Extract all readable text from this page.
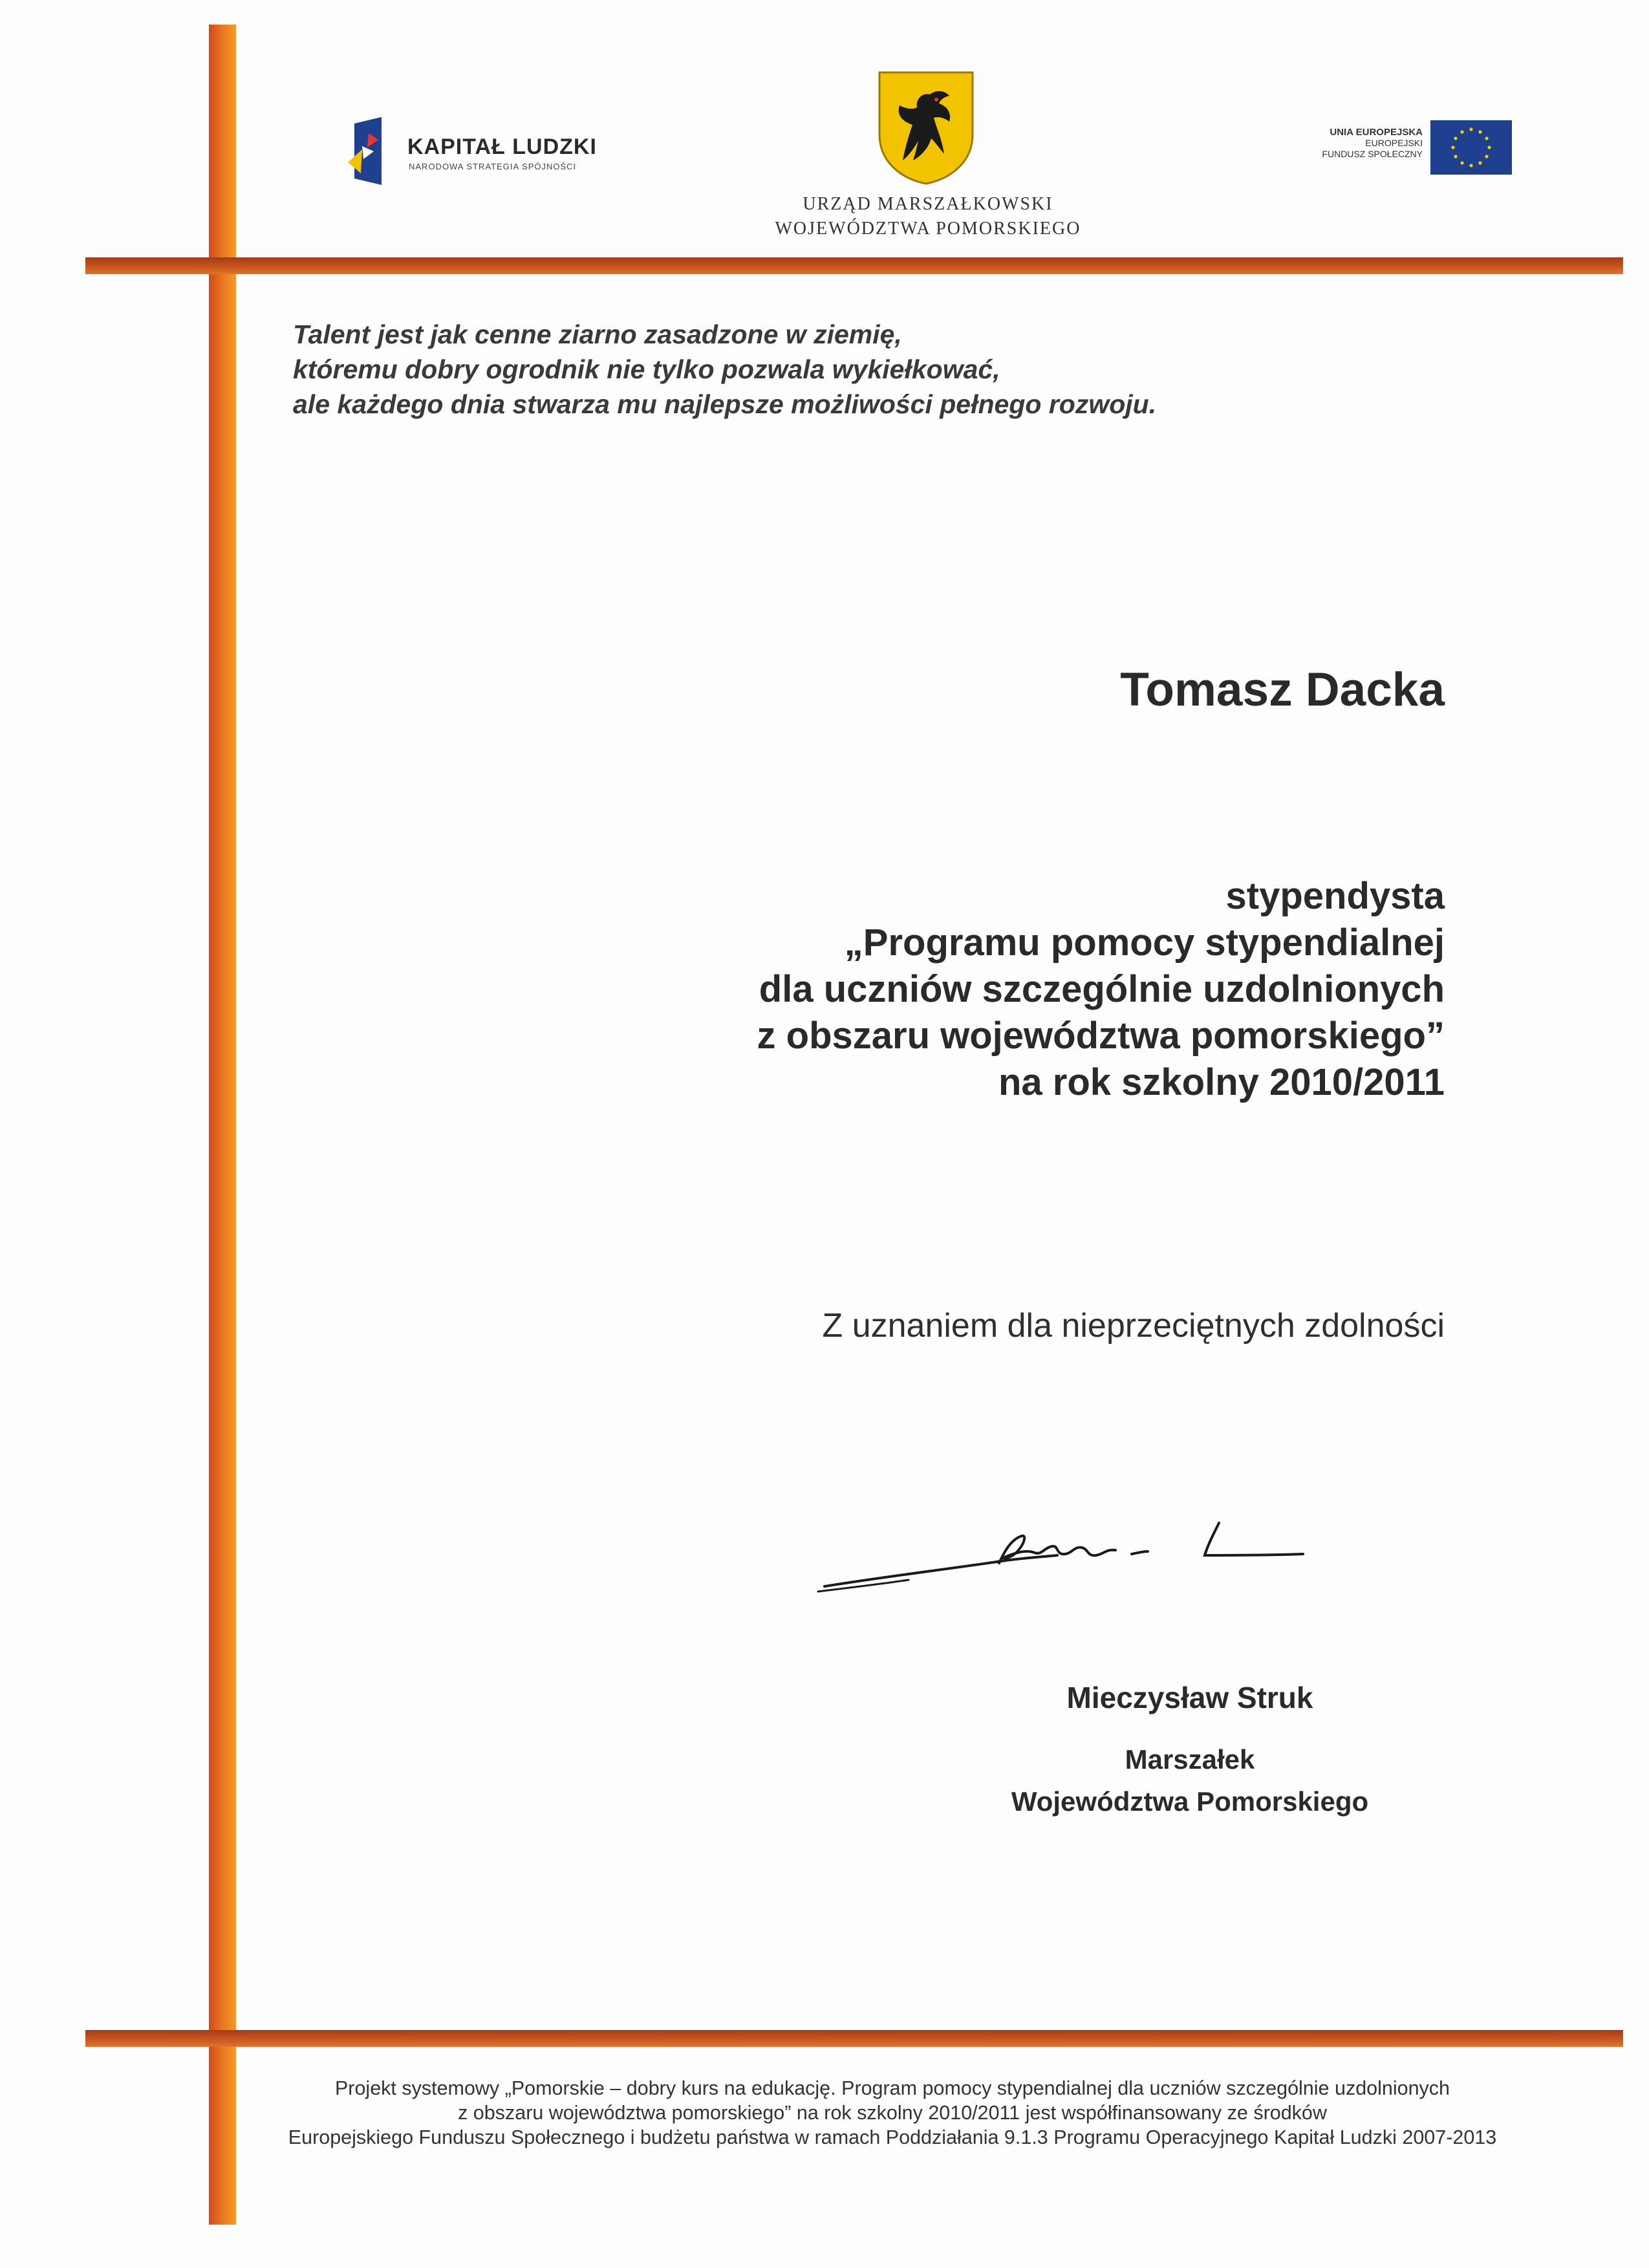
KAPITAŁ LUDZKI
NARODOWA STRATEGIA SPÓJNOŚCI
URZĄD MARSZAŁKOWSKI
WOJEWÓDZTWA POMORSKIEGO
UNIA EUROPEJSKA
EUROPEJSKI
FUNDUSZ SPOŁECZNY
Talent jest jak cenne ziarno zasadzone w ziemię,
któremu dobry ogrodnik nie tylko pozwala wykiełkować,
ale każdego dnia stwarza mu najlepsze możliwości pełnego rozwoju.
Tomasz Dacka
stypendysta
„Programu pomocy stypendialnej
dla uczniów szczególnie uzdolnionych
z obszaru województwa pomorskiego”
na rok szkolny 2010/2011
Z uznaniem dla nieprzeciętnych zdolności
Mieczysław Struk
Marszałek
Województwa Pomorskiego
Projekt systemowy „Pomorskie – dobry kurs na edukację. Program pomocy stypendialnej dla uczniów szczególnie uzdolnionych
z obszaru województwa pomorskiego” na rok szkolny 2010/2011 jest współfinansowany ze środków
Europejskiego Funduszu Społecznego i budżetu państwa w ramach Poddziałania 9.1.3 Programu Operacyjnego Kapitał Ludzki 2007-2013
